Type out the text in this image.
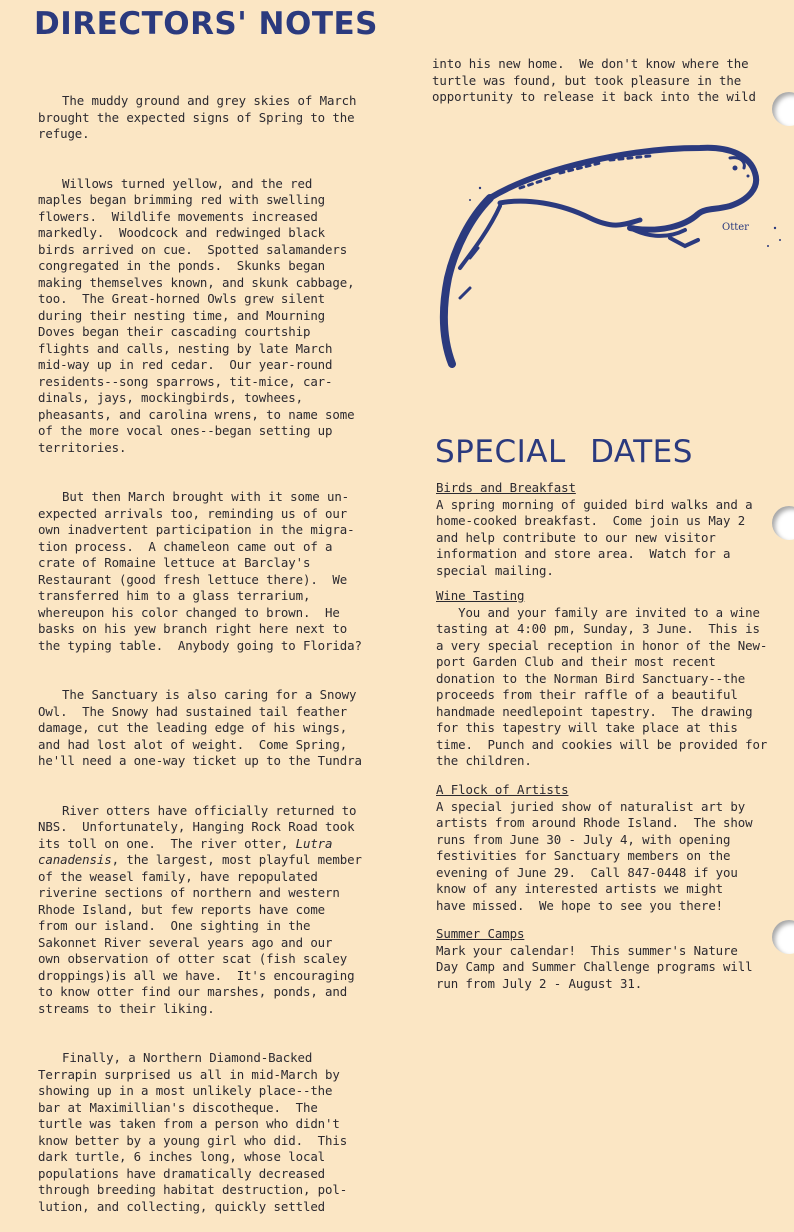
DIRECTORS' NOTES

The muddy ground and grey skies of March
brought the expected signs of Spring to the
refuge.

Willows turned yellow, and the red
maples began brimming red with swelling
flowers.  Wildlife movements increased
markedly.  Woodcock and redwinged black
birds arrived on cue.  Spotted salamanders
congregated in the ponds.  Skunks began
making themselves known, and skunk cabbage,
too.  The Great-horned Owls grew silent
during their nesting time, and Mourning
Doves began their cascading courtship
flights and calls, nesting by late March
mid-way up in red cedar.  Our year-round
residents--song sparrows, tit-mice, car-
dinals, jays, mockingbirds, towhees,
pheasants, and carolina wrens, to name some
of the more vocal ones--began setting up
territories.

But then March brought with it some un-
expected arrivals too, reminding us of our
own inadvertent participation in the migra-
tion process.  A chameleon came out of a
crate of Romaine lettuce at Barclay's
Restaurant (good fresh lettuce there).  We
transferred him to a glass terrarium,
whereupon his color changed to brown.  He
basks on his yew branch right here next to
the typing table.  Anybody going to Florida?

The Sanctuary is also caring for a Snowy
Owl.  The Snowy had sustained tail feather
damage, cut the leading edge of his wings,
and had lost alot of weight.  Come Spring,
he'll need a one-way ticket up to the Tundra

River otters have officially returned to
NBS.  Unfortunately, Hanging Rock Road took
its toll on one.  The river otter, Lutra
canadensis, the largest, most playful member
of the weasel family, have repopulated
riverine sections of northern and western
Rhode Island, but few reports have come
from our island.  One sighting in the
Sakonnet River several years ago and our
own observation of otter scat (fish scaley
droppings)is all we have.  It's encouraging
to know otter find our marshes, ponds, and
streams to their liking.

Finally, a Northern Diamond-Backed
Terrapin surprised us all in mid-March by
showing up in a most unlikely place--the
bar at Maximillian's discotheque.  The
turtle was taken from a person who didn't
know better by a young girl who did.  This
dark turtle, 6 inches long, whose local
populations have dramatically decreased
through breeding habitat destruction, pol-
lution, and collecting, quickly settled

into his new home.  We don't know where the
turtle was found, but took pleasure in the
opportunity to release it back into the wild
Otter
SPECIAL DATES
Birds and Breakfast
A spring morning of guided bird walks and a
home-cooked breakfast.  Come join us May 2
and help contribute to our new visitor
information and store area.  Watch for a
special mailing.
Wine Tasting
You and your family are invited to a wine
tasting at 4:00 pm, Sunday, 3 June.  This is
a very special reception in honor of the New-
port Garden Club and their most recent
donation to the Norman Bird Sanctuary--the
proceeds from their raffle of a beautiful
handmade needlepoint tapestry.  The drawing
for this tapestry will take place at this
time.  Punch and cookies will be provided for
the children.
A Flock of Artists
A special juried show of naturalist art by
artists from around Rhode Island.  The show
runs from June 30 - July 4, with opening
festivities for Sanctuary members on the
evening of June 29.  Call 847-0448 if you
know of any interested artists we might
have missed.  We hope to see you there!
Summer Camps
Mark your calendar!  This summer's Nature
Day Camp and Summer Challenge programs will
run from July 2 - August 31.
